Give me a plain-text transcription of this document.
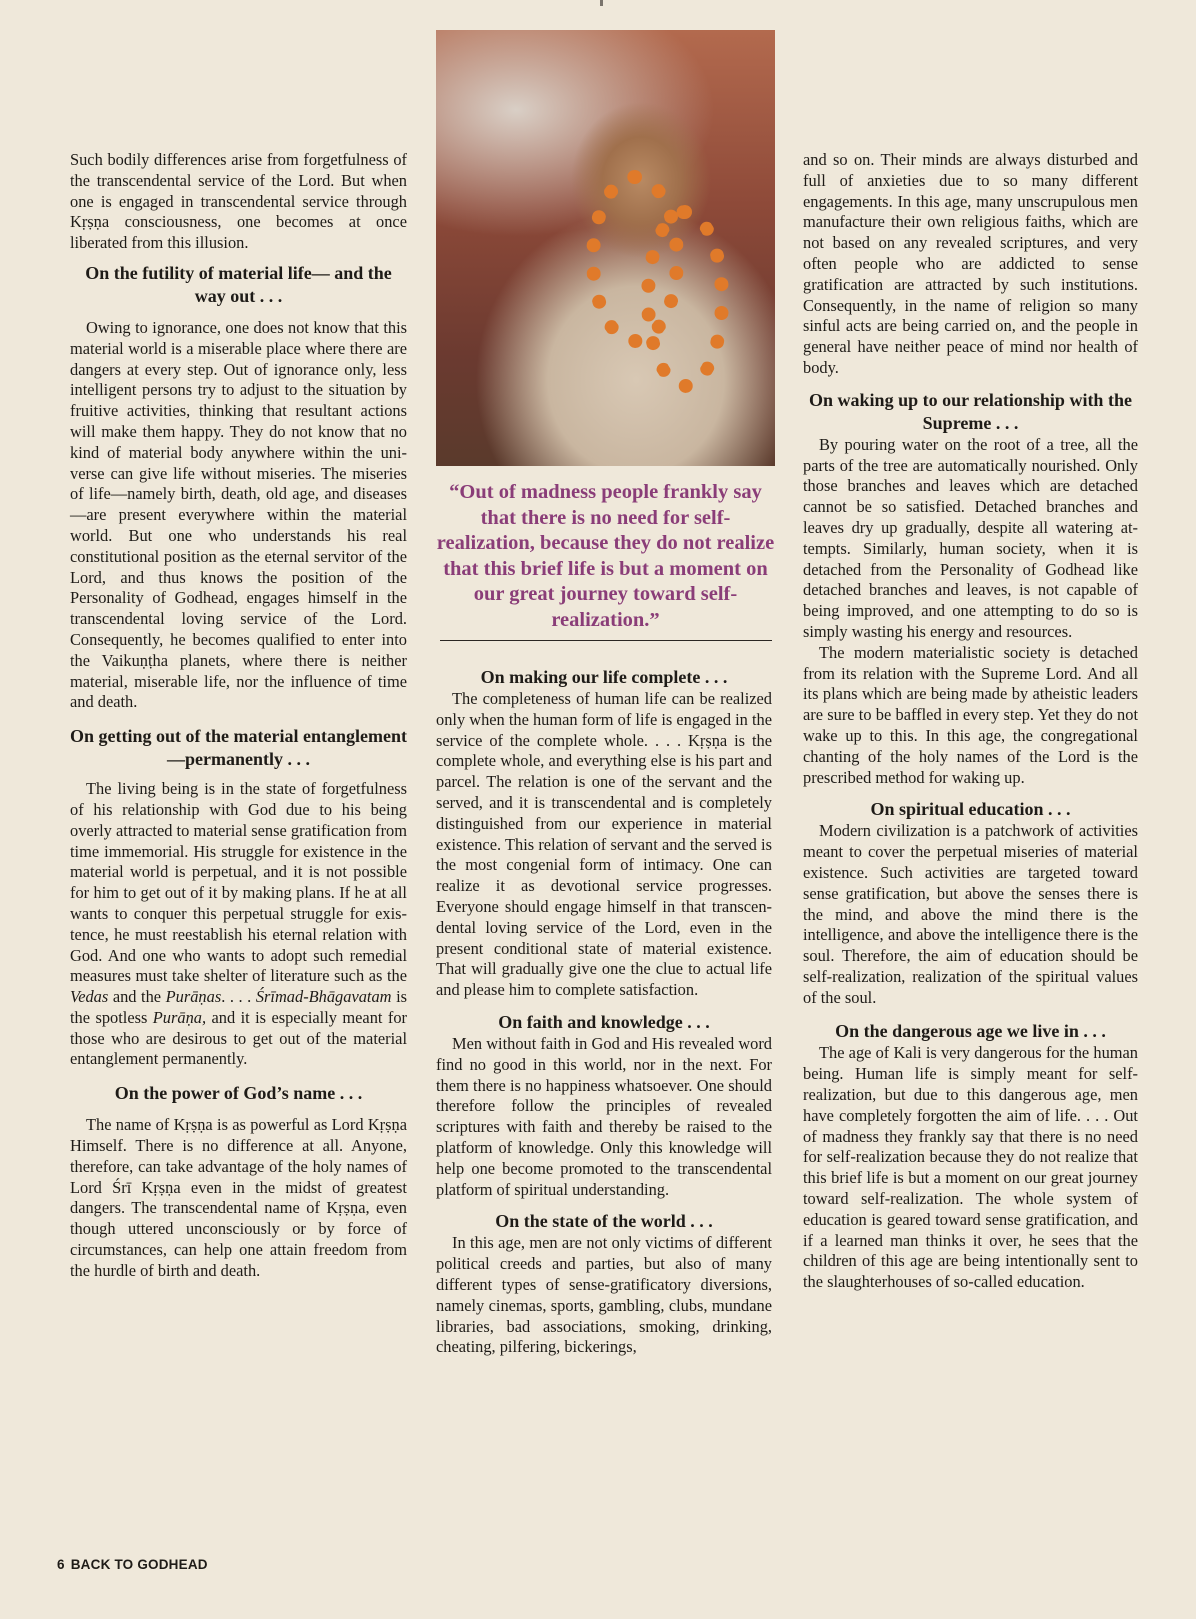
Such bodily differences arise from forgetfulness of the transcendental service of the Lord. But when one is engaged in transcendental service through Kṛṣṇa consciousness, one becomes at once liberated from this illusion.

On the futility of material life— and the way out . . .

Owing to ignorance, one does not know that this material world is a miserable place where there are dangers at every step. Out of ignorance only, less intelligent persons try to adjust to the situation by fruitive activities, thinking that resultant actions will make them happy. They do not know that no kind of material body anywhere within the universe can give life without miseries. The miseries of life—namely birth, death, old age, and diseases—are present everywhere within the material world. But one who understands his real constitutional position as the eternal servitor of the Lord, and thus knows the position of the Personality of Godhead, engages himself in the transcendental loving service of the Lord. Consequently, he becomes qualified to enter into the Vaikuṇṭha planets, where there is neither material, miserable life, nor the influence of time and death.

On getting out of the material entanglement—permanently . . .

The living being is in the state of forgetfulness of his relationship with God due to his being overly attracted to material sense gratification from time immemorial. His struggle for existence in the material world is perpetual, and it is not possible for him to get out of it by making plans. If he at all wants to conquer this perpetual struggle for existence, he must reestablish his eternal relation with God. And one who wants to adopt such remedial measures must take shelter of literature such as the Vedas and the Purāṇas. . . . Śrīmad-Bhāgavatam is the spotless Purāṇa, and it is especially meant for those who are desirous to get out of the material entanglement permanently.

On the power of God’s name . . .

The name of Kṛṣṇa is as powerful as Lord Kṛṣṇa Himself. There is no difference at all. Anyone, therefore, can take advantage of the holy names of Lord Śrī Kṛṣṇa even in the midst of greatest dangers. The transcendental name of Kṛṣṇa, even though uttered unconsciously or by force of circumstances, can help one attain freedom from the hurdle of birth and death.

“Out of madness people frankly say that there is no need for self-realization, because they do not realize that this brief life is but a moment on our great journey toward self-realization.”
On making our life complete . . .

The completeness of human life can be realized only when the human form of life is engaged in the service of the complete whole. . . . Kṛṣṇa is the complete whole, and everything else is his part and parcel. The relation is one of the servant and the served, and it is transcendental and is completely distinguished from our experience in material existence. This relation of servant and the served is the most congenial form of intimacy. One can realize it as devotional service progresses. Everyone should engage himself in that transcendental loving service of the Lord, even in the present conditional state of material existence. That will gradually give one the clue to actual life and please him to complete satisfaction.

On faith and knowledge . . .

Men without faith in God and His revealed word find no good in this world, nor in the next. For them there is no happiness whatsoever. One should therefore follow the principles of revealed scriptures with faith and thereby be raised to the platform of knowledge. Only this knowledge will help one become promoted to the transcendental platform of spiritual understanding.

On the state of the world . . .

In this age, men are not only victims of different political creeds and parties, but also of many different types of sense-gratificatory diversions, namely cinemas, sports, gambling, clubs, mundane libraries, bad associations, smoking, drinking, cheating, pilfering, bickerings,

and so on. Their minds are always disturbed and full of anxieties due to so many different engagements. In this age, many unscrupulous men manufacture their own religious faiths, which are not based on any revealed scriptures, and very often people who are addicted to sense gratification are attracted by such institutions. Consequently, in the name of religion so many sinful acts are being carried on, and the people in general have neither peace of mind nor health of body.

On waking up to our relationship with the Supreme . . .

By pouring water on the root of a tree, all the parts of the tree are automatically nourished. Only those branches and leaves which are detached cannot be so satisfied. Detached branches and leaves dry up gradually, despite all watering attempts. Similarly, human society, when it is detached from the Personality of Godhead like detached branches and leaves, is not capable of being improved, and one attempting to do so is simply wasting his energy and resources.

The modern materialistic society is detached from its relation with the Supreme Lord. And all its plans which are being made by atheistic leaders are sure to be baffled in every step. Yet they do not wake up to this. In this age, the congregational chanting of the holy names of the Lord is the prescribed method for waking up.

On spiritual education . . .

Modern civilization is a patchwork of activities meant to cover the perpetual miseries of material existence. Such activities are targeted toward sense gratification, but above the senses there is the mind, and above the mind there is the intelligence, and above the intelligence there is the soul. Therefore, the aim of education should be self-realization, realization of the spiritual values of the soul.

On the dangerous age we live in . . .

The age of Kali is very dangerous for the human being. Human life is simply meant for self-realization, but due to this dangerous age, men have completely forgotten the aim of life. . . . Out of madness they frankly say that there is no need for self-realization because they do not realize that this brief life is but a moment on our great journey toward self-realization. The whole system of education is geared toward sense gratification, and if a learned man thinks it over, he sees that the children of this age are being intentionally sent to the slaughterhouses of so-called education.

6 BACK TO GODHEAD
